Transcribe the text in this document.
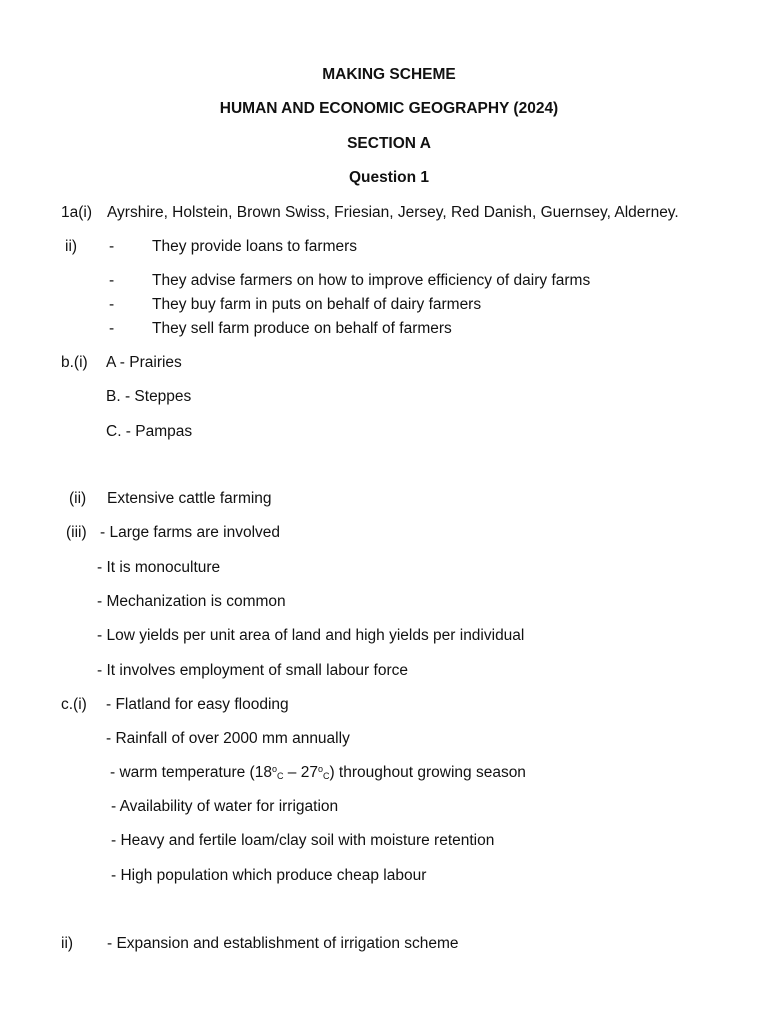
MAKING SCHEME
HUMAN AND ECONOMIC GEOGRAPHY (2024)
SECTION A
Question 1
1a(i) Ayrshire, Holstein, Brown Swiss, Friesian, Jersey, Red Danish, Guernsey, Alderney.
ii) - They provide loans to farmers
- They advise farmers on how to improve efficiency of dairy farms
- They buy farm in puts on behalf of dairy farmers
- They sell farm produce on behalf of farmers
b.(i) A - Prairies
B. - Steppes
C. - Pampas
(ii) Extensive cattle farming
(iii) - Large farms are involved
- It is monoculture
- Mechanization is common
- Low yields per unit area of land and high yields per individual
- It involves employment of small labour force
c.(i) - Flatland for easy flooding
- Rainfall of over 2000 mm annually
- warm temperature $(18^o_C - 27^o_C)$ throughout growing season
- Availability of water for irrigation
- Heavy and fertile loam/clay soil with moisture retention
- High population which produce cheap labour
ii) - Expansion and establishment of irrigation scheme
